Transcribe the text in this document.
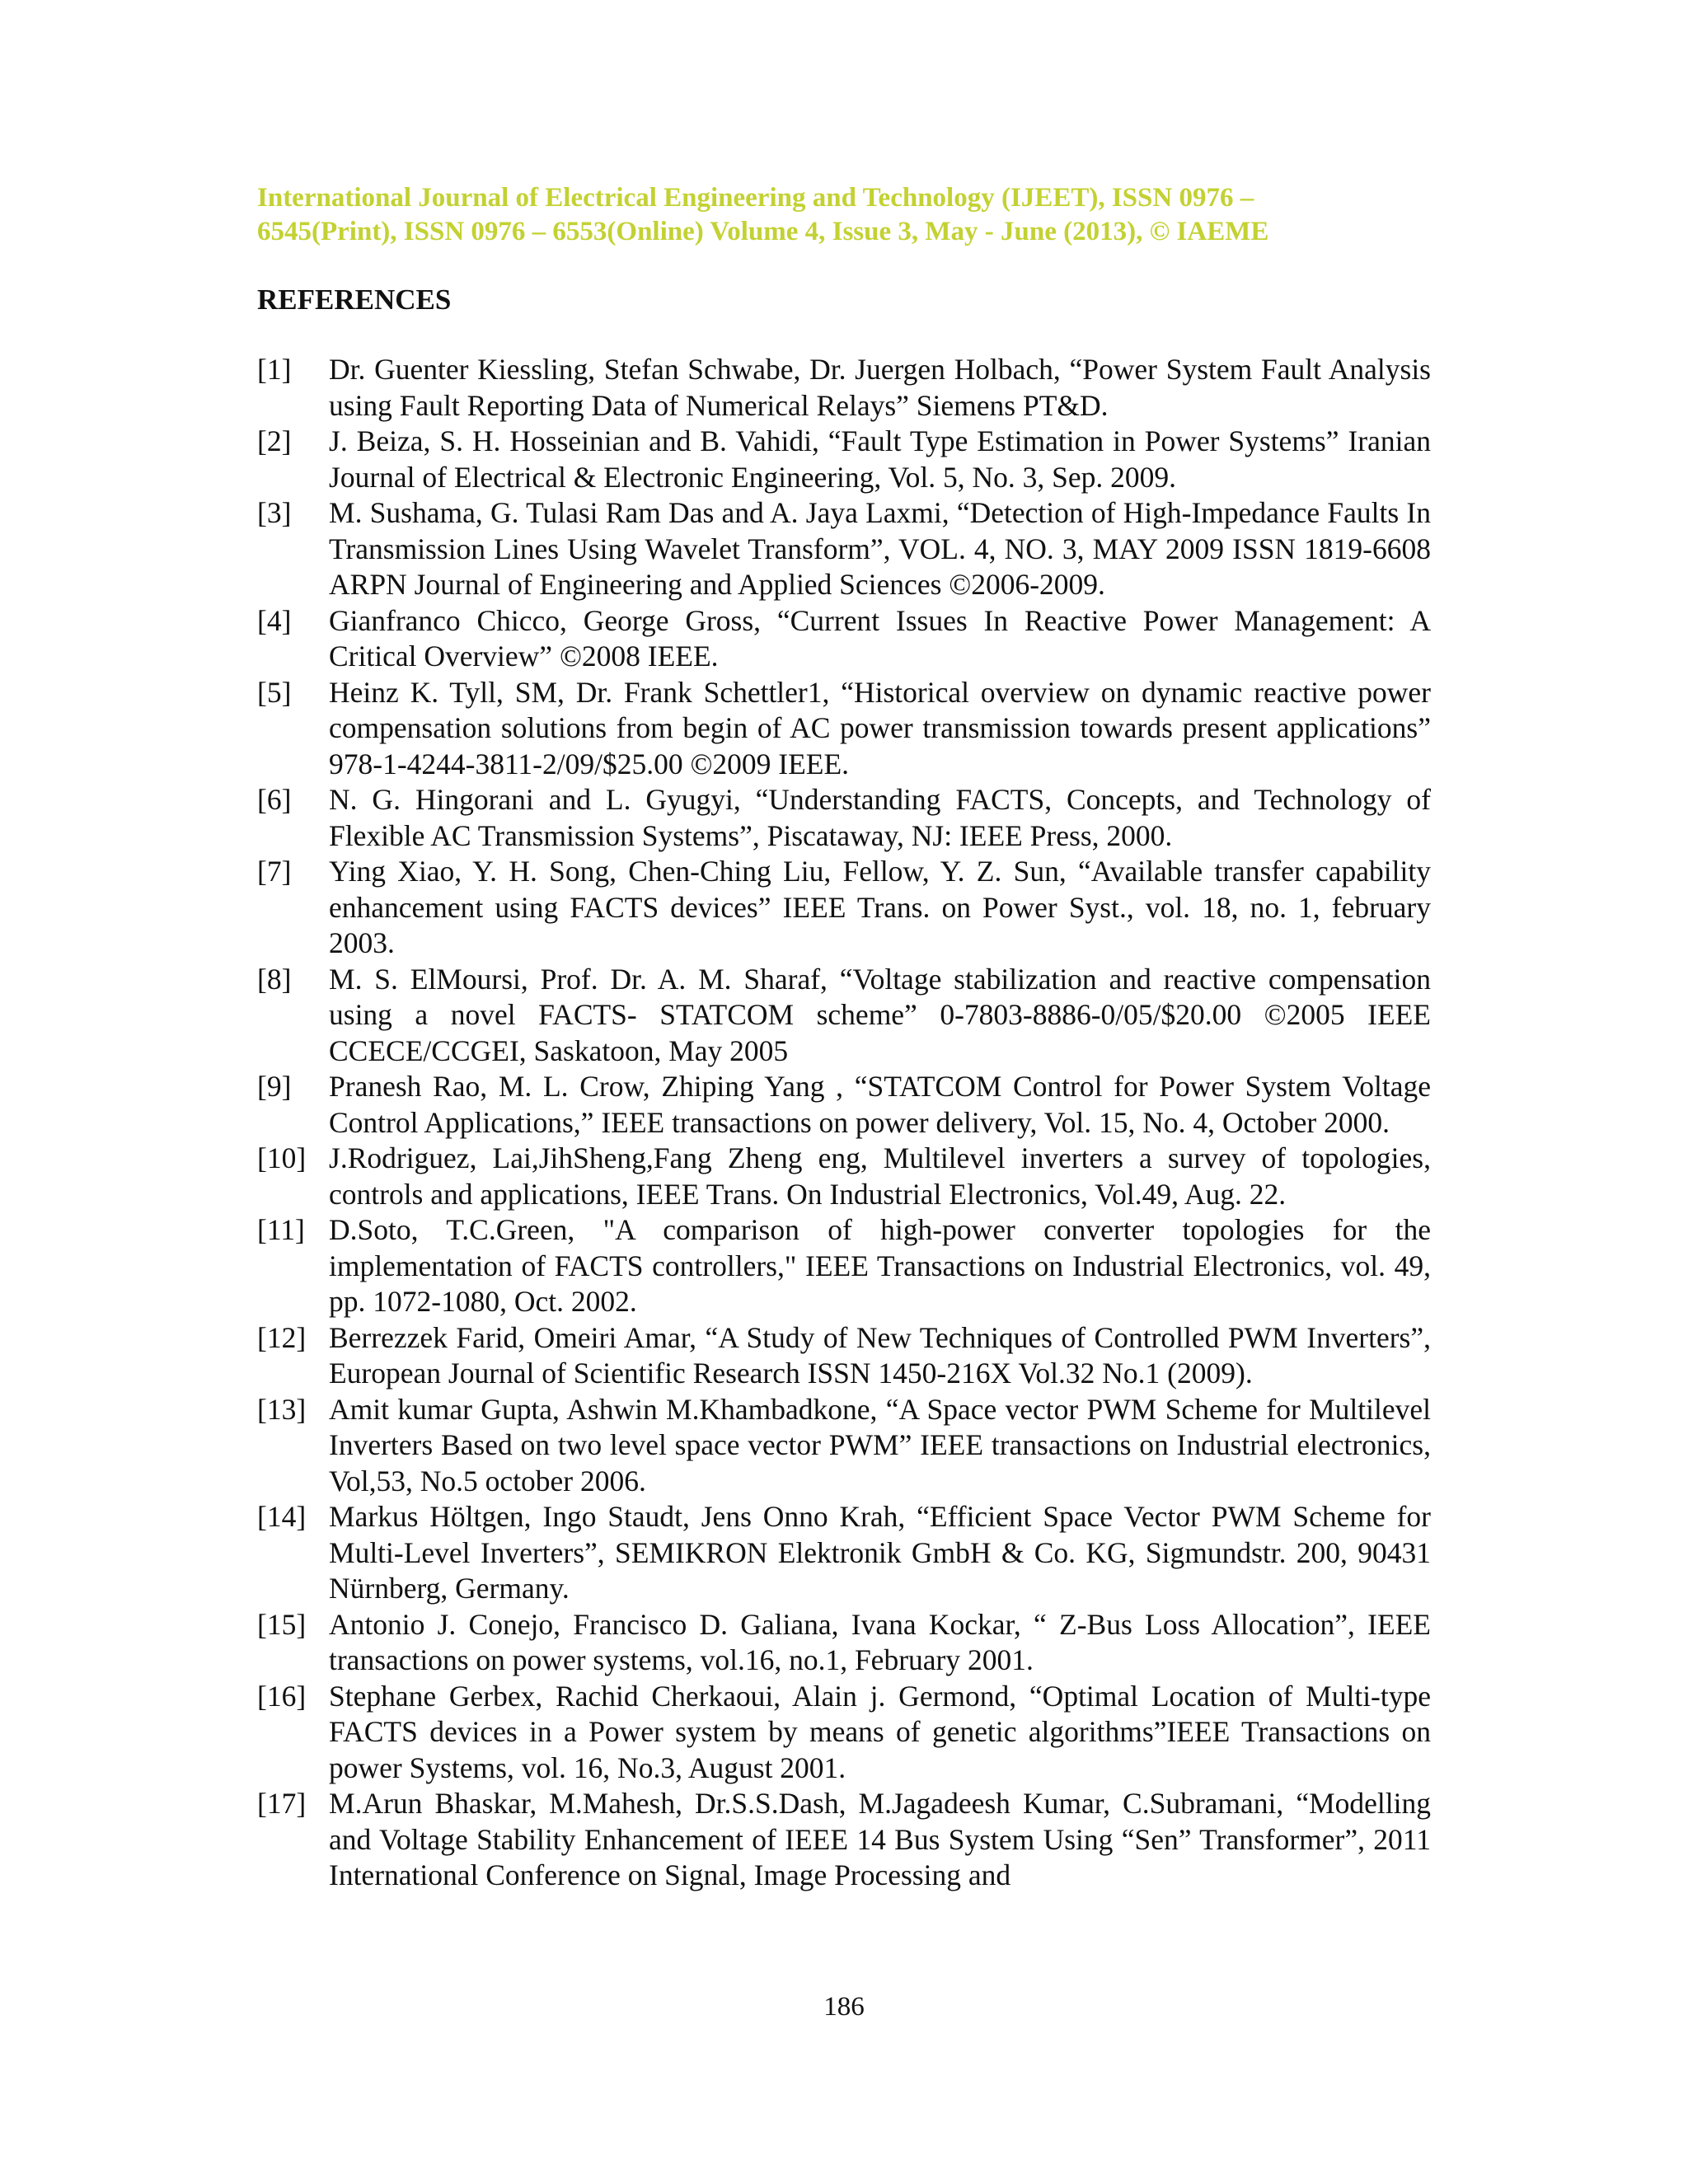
International Journal of Electrical Engineering and Technology (IJEET), ISSN 0976 –
6545(Print), ISSN 0976 – 6553(Online) Volume 4, Issue 3, May - June (2013), © IAEME
REFERENCES
[1]	Dr. Guenter Kiessling, Stefan Schwabe, Dr. Juergen Holbach, “Power System Fault Analysis using Fault Reporting Data of Numerical Relays” Siemens PT&D.
[2]	J. Beiza, S. H. Hosseinian and B. Vahidi, “Fault Type Estimation in Power Systems” Iranian Journal of Electrical & Electronic Engineering, Vol. 5, No. 3, Sep. 2009.
[3]	M. Sushama, G. Tulasi Ram Das and A. Jaya Laxmi, “Detection of High-Impedance Faults In Transmission Lines Using Wavelet Transform”, VOL. 4, NO. 3, MAY 2009 ISSN 1819-6608 ARPN Journal of Engineering and Applied Sciences ©2006-2009.
[4]	Gianfranco Chicco, George Gross, “Current Issues In Reactive Power Management: A Critical Overview” ©2008 IEEE.
[5]	Heinz K. Tyll, SM, Dr. Frank Schettler1, “Historical overview on dynamic reactive power compensation solutions from begin of AC power transmission towards present applications” 978-1-4244-3811-2/09/$25.00 ©2009 IEEE.
[6]	N. G. Hingorani and L. Gyugyi, “Understanding FACTS, Concepts, and Technology of Flexible AC Transmission Systems”, Piscataway, NJ: IEEE Press, 2000.
[7]	Ying Xiao, Y. H. Song, Chen-Ching Liu, Fellow, Y. Z. Sun, “Available transfer capability enhancement using FACTS devices” IEEE Trans. on Power Syst., vol. 18, no. 1, february 2003.
[8]	M. S. ElMoursi, Prof. Dr. A. M. Sharaf, “Voltage stabilization and reactive compensation using a novel FACTS- STATCOM scheme” 0-7803-8886-0/05/$20.00 ©2005 IEEE CCECE/CCGEI, Saskatoon, May 2005
[9]	Pranesh Rao, M. L. Crow, Zhiping Yang , “STATCOM Control for Power System Voltage Control Applications,” IEEE transactions on power delivery, Vol. 15, No. 4, October 2000.
[10] J.Rodriguez, Lai,JihSheng,Fang Zheng eng, Multilevel inverters a survey of topologies, controls and applications, IEEE Trans. On Industrial Electronics, Vol.49, Aug. 22.
[11] D.Soto, T.C.Green, "A comparison of high-power converter topologies for the implementation of FACTS controllers," IEEE Transactions on Industrial Electronics, vol. 49, pp. 1072-1080, Oct. 2002.
[12] Berrezzek Farid, Omeiri Amar, “A Study of New Techniques of Controlled PWM Inverters”, European Journal of Scientific Research ISSN 1450-216X Vol.32 No.1 (2009).
[13] Amit kumar Gupta, Ashwin M.Khambadkone, “A Space vector PWM Scheme for Multilevel Inverters Based on two level space vector PWM” IEEE transactions on Industrial electronics, Vol,53, No.5 october 2006.
[14] Markus Höltgen, Ingo Staudt, Jens Onno Krah, “Efficient Space Vector PWM Scheme for Multi-Level Inverters”, SEMIKRON Elektronik GmbH & Co. KG, Sigmundstr. 200, 90431 Nürnberg, Germany.
[15] Antonio J. Conejo, Francisco D. Galiana, Ivana Kockar, “ Z-Bus Loss Allocation”, IEEE transactions on power systems, vol.16, no.1, February 2001.
[16] Stephane Gerbex, Rachid Cherkaoui, Alain j. Germond, “Optimal Location of Multi-type FACTS devices in a Power system by means of genetic algorithms”IEEE Transactions on power Systems, vol. 16, No.3, August 2001.
[17] M.Arun Bhaskar, M.Mahesh, Dr.S.S.Dash, M.Jagadeesh Kumar, C.Subramani, “Modelling and Voltage Stability Enhancement of IEEE 14 Bus System Using “Sen” Transformer”, 2011 International Conference on Signal, Image Processing and
186
